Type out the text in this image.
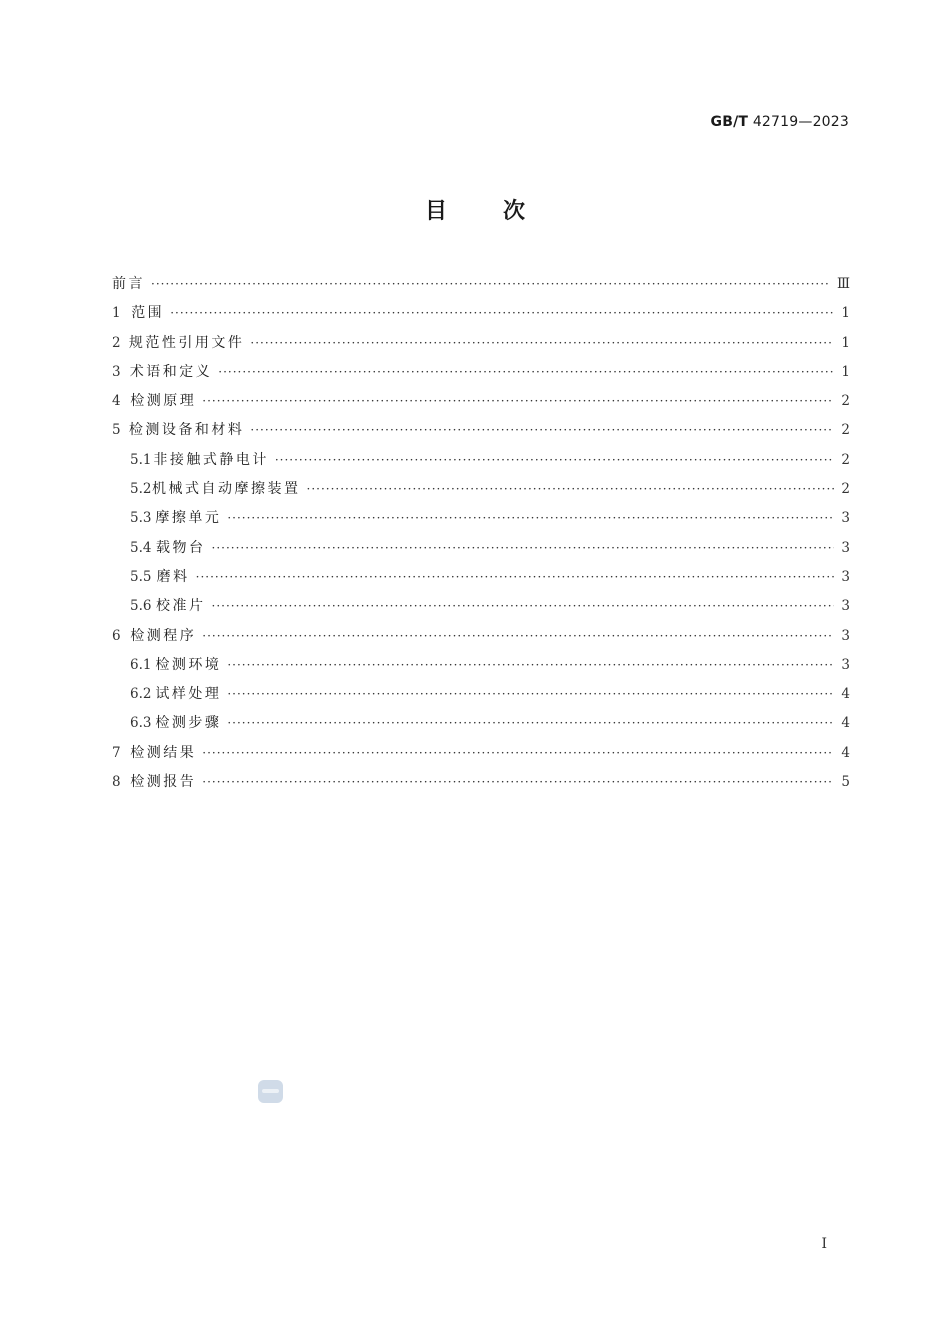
GB/T 42719—2023
目	次
前言 ·····	Ⅲ
1 范围 ·····	1
2 规范性引用文件 ·····	1
3 术语和定义 ·····	1
4 检测原理 ·····	2
5 检测设备和材料 ·····	2
5.1 非接触式静电计 ·····	2
5.2 机械式自动摩擦装置 ·····	2
5.3 摩擦单元 ·····	3
5.4 载物台 ·····	3
5.5 磨料 ·····	3
5.6 校准片 ·····	3
6 检测程序 ·····	3
6.1 检测环境 ·····	3
6.2 试样处理 ·····	4
6.3 检测步骤 ·····	4
7 检测结果 ·····	4
8 检测报告 ·····	5
I
